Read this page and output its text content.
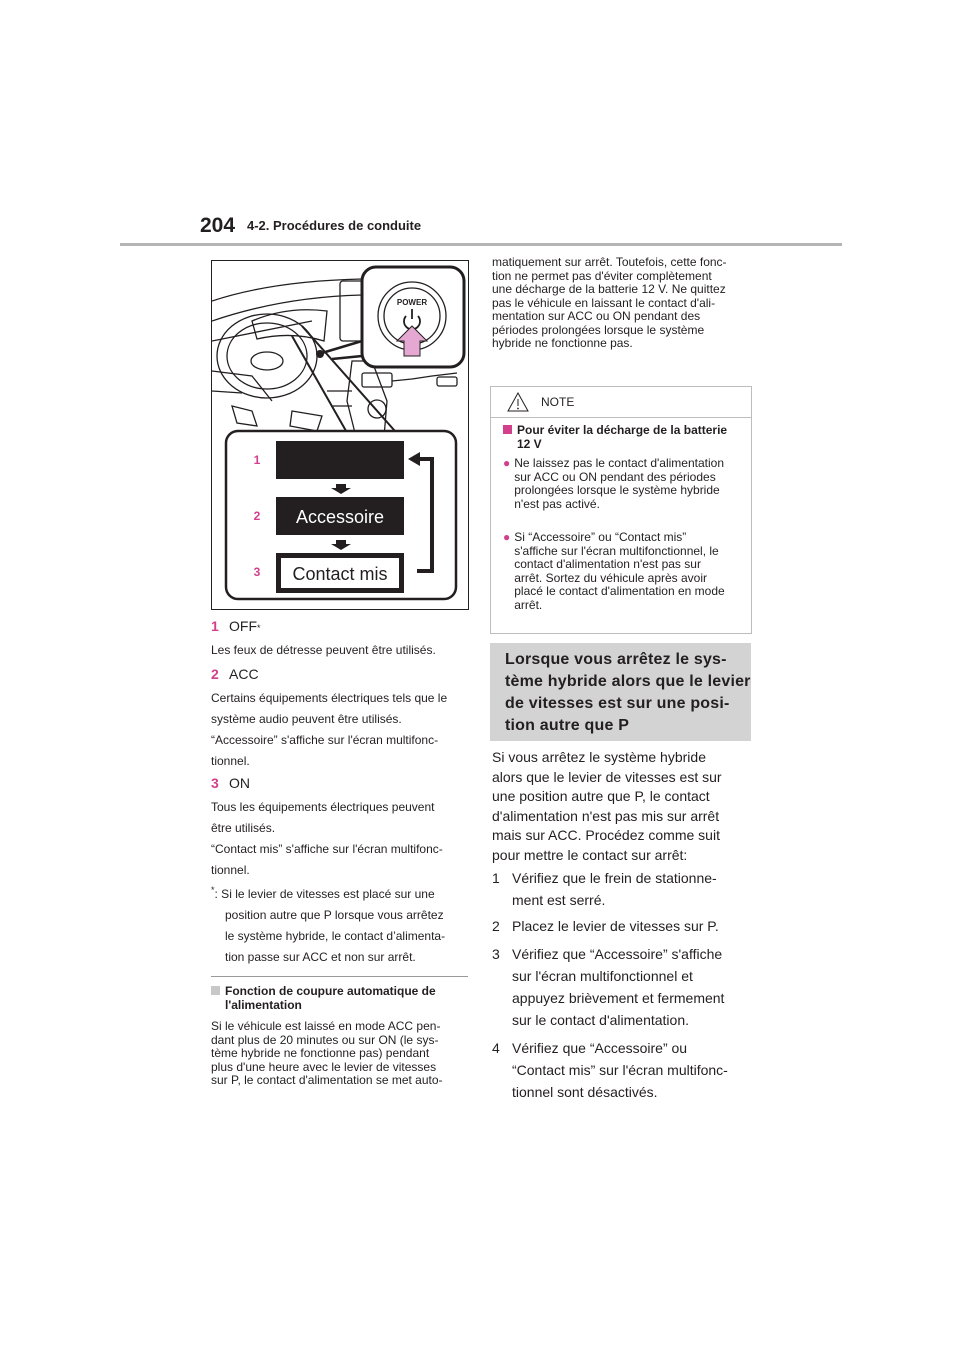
204 4-2. Procédures de conduite
POWER
1
2
3
Accessoire
Contact mis
1 OFF *
Les feux de détresse peuvent être utilisés.
2 ACC
Certains équipements électriques tels que le
système audio peuvent être utilisés.
“Accessoire” s'affiche sur l'écran multifonc-
tionnel.
3 ON
Tous les équipements électriques peuvent
être utilisés.
“Contact mis” s'affiche sur l'écran multifonc-
tionnel.
*: Si le levier de vitesses est placé sur une
position autre que P lorsque vous arrêtez
le système hybride, le contact d’alimenta-
tion passe sur ACC et non sur arrêt.
Fonction de coupure automatique de
l'alimentation
Si le véhicule est laissé en mode ACC pen-
dant plus de 20 minutes ou sur ON (le sys-
tème hybride ne fonctionne pas) pendant
plus d'une heure avec le levier de vitesses
sur P, le contact d'alimentation se met auto-
matiquement sur arrêt. Toutefois, cette fonc-
tion ne permet pas d'éviter complètement
une décharge de la batterie 12 V. Ne quittez
pas le véhicule en laissant le contact d'ali-
mentation sur ACC ou ON pendant des
périodes prolongées lorsque le système
hybride ne fonctionne pas.
NOTE
Pour éviter la décharge de la batterie
12 V
● Ne laissez pas le contact d'alimentation
sur ACC ou ON pendant des périodes
prolongées lorsque le système hybride
n'est pas activé.
● Si “Accessoire” ou “Contact mis”
s'affiche sur l'écran multifonctionnel, le
contact d'alimentation n'est pas sur
arrêt. Sortez du véhicule après avoir
placé le contact d'alimentation en mode
arrêt.
Lorsque vous arrêtez le sys-
tème hybride alors que le levier
de vitesses est sur une posi-
tion autre que P
Si vous arrêtez le système hybride
alors que le levier de vitesses est sur
une position autre que P, le contact
d'alimentation n'est pas mis sur arrêt
mais sur ACC. Procédez comme suit
pour mettre le contact sur arrêt:
1 Vérifiez que le frein de stationne-
ment est serré.
2 Placez le levier de vitesses sur P.
3 Vérifiez que “Accessoire” s'affiche
sur l'écran multifonctionnel et
appuyez brièvement et fermement
sur le contact d'alimentation.
4 Vérifiez que “Accessoire” ou
“Contact mis” sur l'écran multifonc-
tionnel sont désactivés.
